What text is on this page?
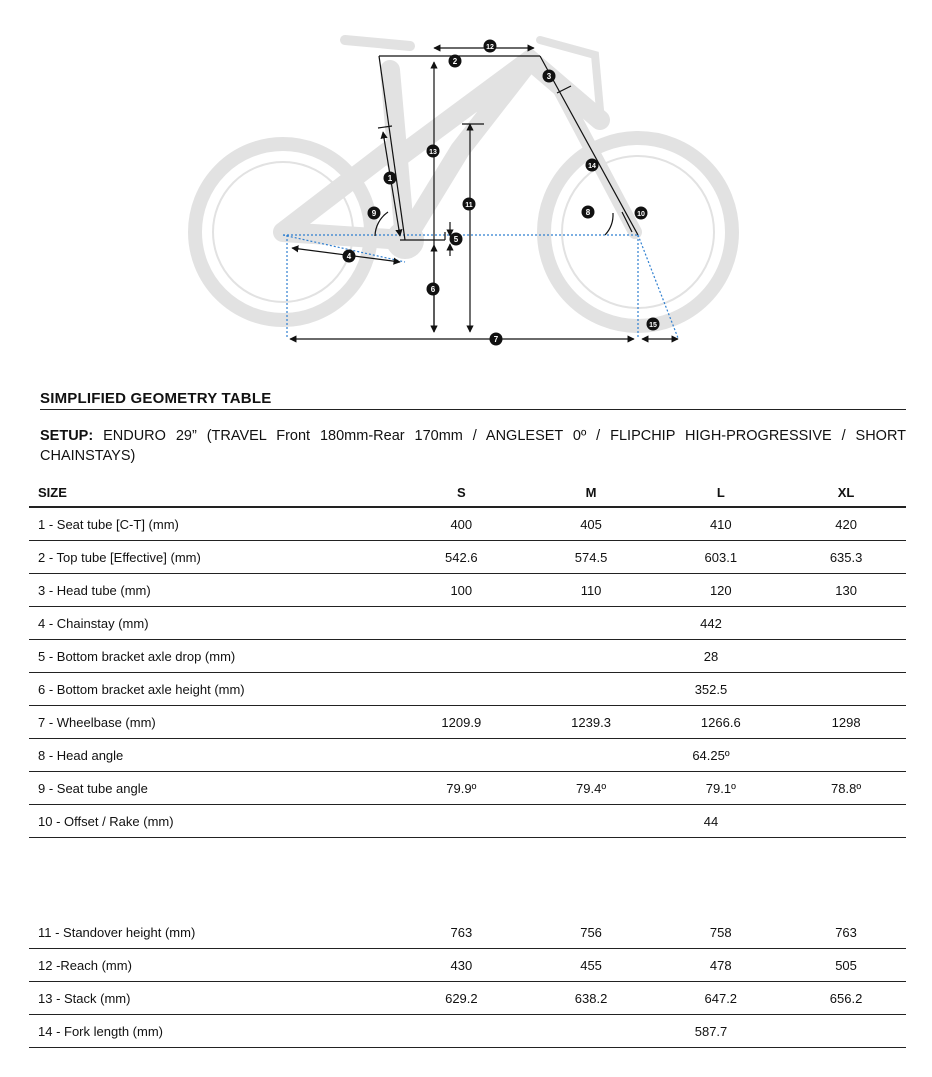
1
2
3
4
5
6
7
8
9	10
11
12
13
14
15
SIMPLIFIED GEOMETRY TABLE

SETUP: ENDURO 29” (TRAVEL Front 180mm-Rear 170mm / ANGLESET 0º / FLIPCHIP HIGH-PROGRESSIVE / SHORT CHAINSTAYS)

SIZE	S	M	L	XL
1 - Seat tube [C-T] (mm)	400	405	410	420
2 - Top tube [Effective] (mm)	542.6	574.5	603.1	635.3
3 - Head tube (mm)	100	110	120	130
4 - Chainstay (mm)	442			
5 - Bottom bracket axle drop (mm)	28			
6 - Bottom bracket axle height (mm)	352.5			
7 - Wheelbase (mm)	1209.9	1239.3	1266.6	1298
8 - Head angle	64.25º			
9 - Seat tube angle	79.9º	79.4º	79.1º	78.8º
10 - Offset / Rake (mm)	44			
11 - Standover height (mm)	763	756	758	763
12 -Reach (mm)	430	455	478	505
13 - Stack (mm)	629.2	638.2	647.2	656.2
14 - Fork length (mm)	587.7			
